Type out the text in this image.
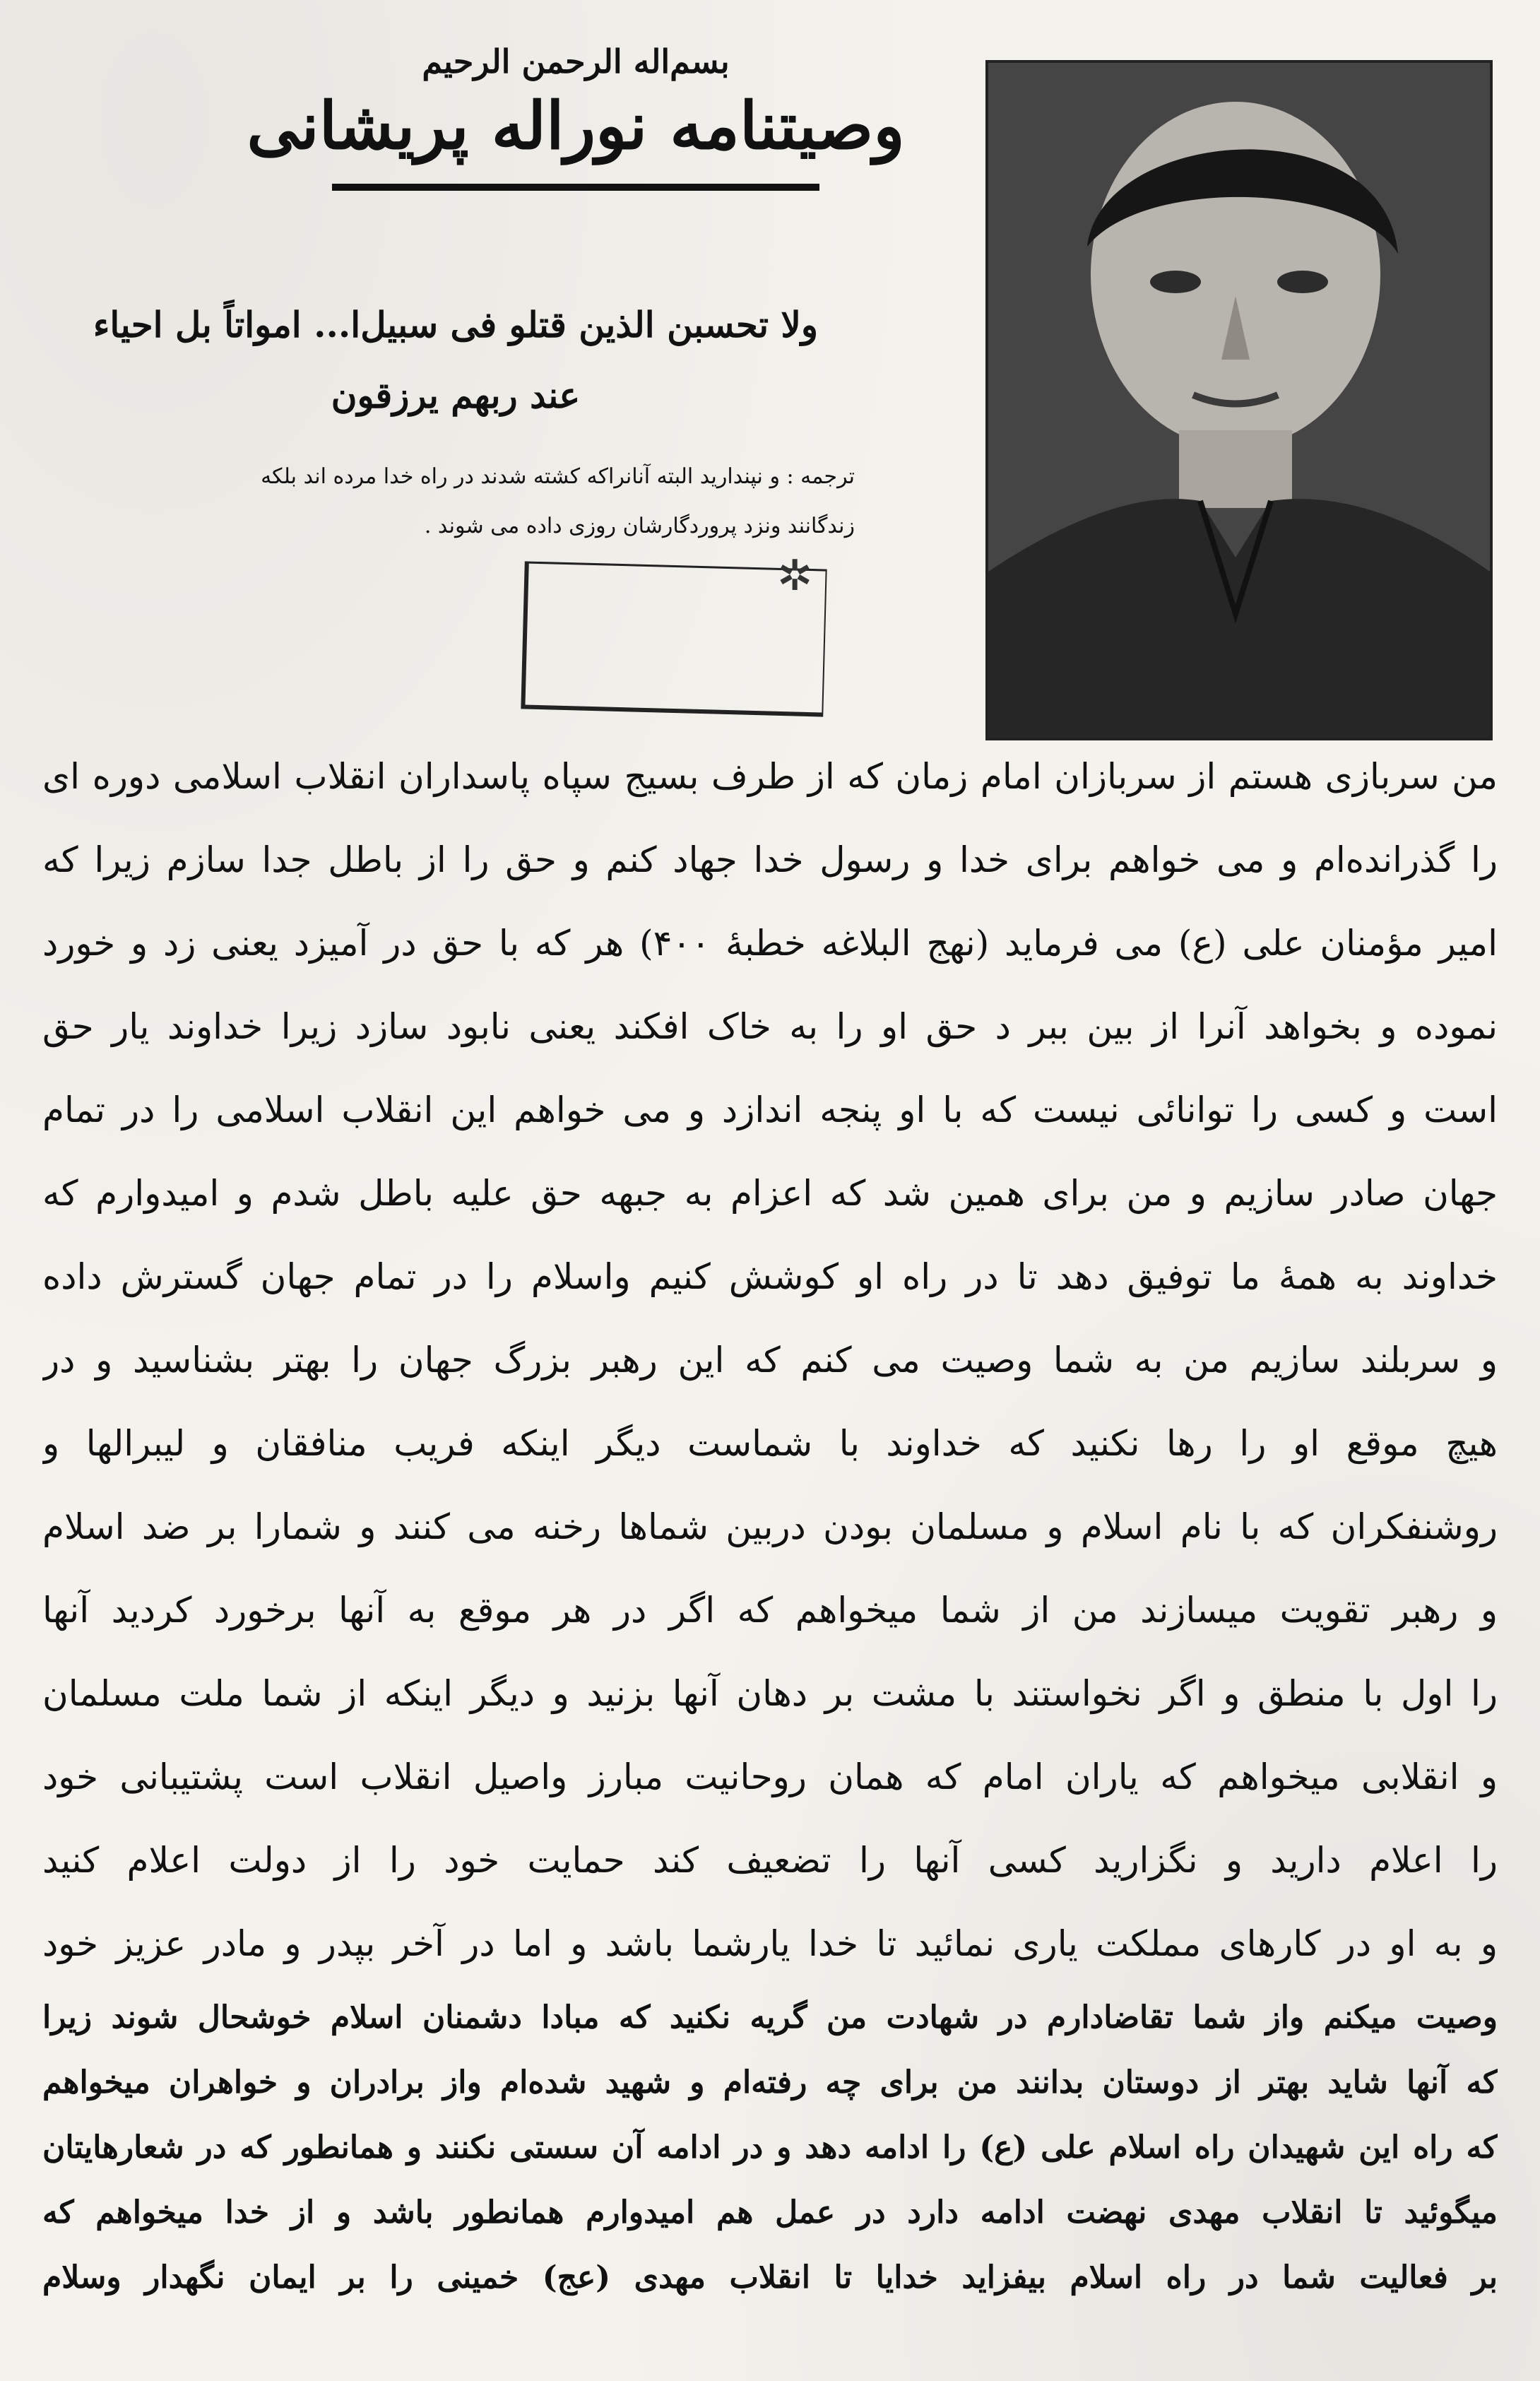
بسم‌اله الرحمن الرحیم
وصیتنامه نوراله پریشانی
ولا تحسبن الذین قتلو فی سبیل‌ا... امواتاً بل احیاء
عند ربهم یرزقون
ترجمه : و نپندارید البته آنانراکه کشته شدند در راه خدا مرده اند بلکه
زندگانند ونزد پروردگارشان روزی داده می شوند .
✲
من سربازی هستم از سربازان امام زمان که از طرف بسیج سپاه پاسداران انقلاب اسلامی دوره ای
را گذرانده‌ام و می خواهم برای خدا و رسول خدا جهاد کنم و حق را از باطل جدا سازم زیرا که
امیر مؤمنان علی (ع) می فرماید (نهج البلاغه خطبهٔ ۴۰۰) هر که با حق در آمیزد یعنی زد و خورد
نموده و بخواهد آنرا از بین ببر د حق او را به خاک افکند یعنی نابود سازد زیرا خداوند یار حق
است و کسی را توانائی نیست که با او پنجه اندازد و می خواهم این انقلاب اسلامی را در تمام
جهان صادر سازیم و من برای همین شد که اعزام به جبهه حق علیه باطل شدم و امیدوارم که
خداوند به همهٔ ما توفیق دهد تا در راه او کوشش کنیم واسلام را در تمام جهان گسترش داده
و سربلند سازیم من به شما وصیت می کنم که این رهبر بزرگ جهان را بهتر بشناسید و در
هیچ موقع او را رها نکنید که خداوند با شماست دیگر اینکه فریب منافقان و لیبرالها و
روشنفکران که با نام اسلام و مسلمان بودن دربین شماها رخنه می کنند و شمارا بر ضد اسلام
و رهبر تقویت میسازند من از شما میخواهم که اگر در هر موقع به آنها برخورد کردید آنها
را اول با منطق و اگر نخواستند با مشت بر دهان آنها بزنید و دیگر اینکه از شما ملت مسلمان
و انقلابی میخواهم که یاران امام که همان روحانیت مبارز واصیل انقلاب است پشتیبانی خود
را اعلام دارید و نگزارید کسی آنها را تضعیف کند حمایت خود را از دولت اعلام کنید
و به او در کارهای مملکت یاری نمائید تا خدا یارشما باشد و اما در آخر بپدر و مادر عزیز خود
وصیت میکنم واز شما تقاضادارم در شهادت من گریه نکنید که مبادا دشمنان اسلام خوشحال شوند زیرا
که آنها شاید بهتر از دوستان بدانند من برای چه رفته‌ام و شهید شده‌ام واز برادران و خواهران میخواهم
که راه این شهیدان راه اسلام علی (ع) را ادامه دهد و در ادامه آن سستی نکنند و همانطور که در شعارهایتان
میگوئید تا انقلاب مهدی نهضت ادامه دارد در عمل هم امیدوارم همانطور باشد و از خدا میخواهم که
بر فعالیت شما در راه اسلام بیفزاید خدایا تا انقلاب مهدی (عج) خمینی را بر ایمان نگهدار وسلام
